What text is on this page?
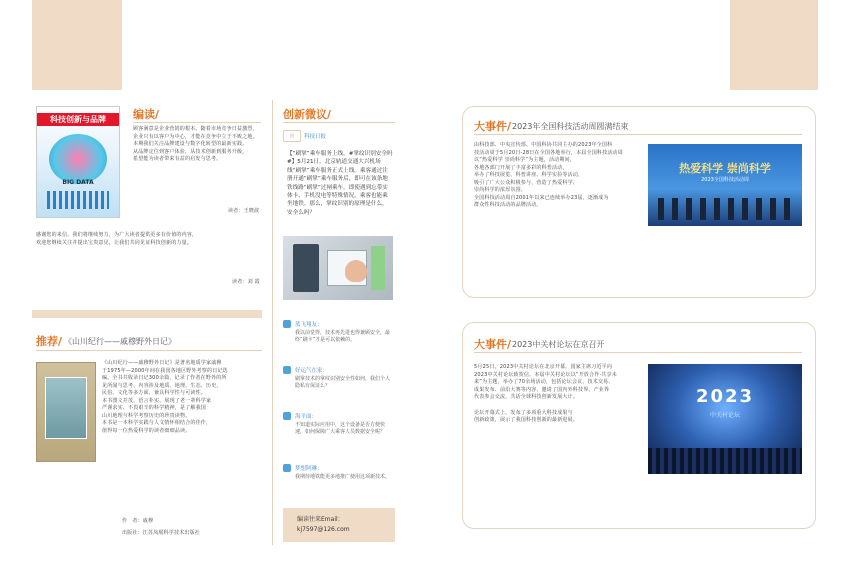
科技创新与品牌
BIG DATA
编读/
顾客满意是企业营销的根本。随着市场竞争日益激烈，
企业只有以客户为中心，才能在竞争中立于不败之地。
本期我们关注品牌建设与数字化转型的最新实践。
从品牌定位到客户体验，从技术创新到服务升级，
希望能为读者带来有益的启发与思考。
读者：王晓波
感谢您的来信。我们将继续努力，为广大读者提供更多有价值的内容，
欢迎您继续关注并提出宝贵意见，让我们共同见证科技创新的力量。
读者：刘 霞
推荐/ 《山川纪行——戚穆野外日记》
《山川纪行——戚穆野外日记》是著名地质学家戚穆
于1975年—2000年间在我国各地区野外考察的日记选
编。全书共收录日记300余篇，记录了作者在野外的所
见所闻与思考，内容涉及地质、地理、生态、历史、
民俗、文化等多方面，兼具科学性与可读性。
本书图文并茂，语言朴实，展现了老一辈科学家
严谨求实、不畏艰辛的科学精神，是了解我国
山川地理与科学考察历史的珍贵读物。
本书是一本科学实践与人文情怀相结合的佳作，
值得每一位热爱科学的读者细细品读。
作　者：戚穆
出版社：江苏凤凰科学技术出版社
创新微议/
日	科技日报
【“刷掌”乘车服务上线，#掌纹识别安全吗#】5月21日，北京轨道交通大兴机场线“刷掌”乘车服务正式上线。乘客通过注册开通“刷掌”乘车服务后，即可在该条地铁线路“刷掌”过闸乘车。即使遇到忘带实体卡、手机没电等特殊情况，乘客也能乘坐地铁。那么，掌纹识别的原理是什么，安全么吗？
蓝飞翔友：
我以前觉得，技术再先进也得兼顾安全，最终“刷卡”才是可以依赖的。
好运气在家：
刷掌技术的掌纹识别安全性如何，我们个人隐私有保证么？
海平面：
不知道实际应用中，这个设备是否方便快速，如何保障广大乘客人员数据安全呢？
梦想阿琳：
我期待地铁能更多地推广使用这项新技术。
编读往来Email：
kj7597@126.com
大事件/ 2023年全国科技活动周圆满结束
由科技部、中央宣传部、中国科协共同主办的2023年全国科
技活动周于5月20日-28日在全国各地举行，本届全国科技活动周
以“热爱科学 崇尚科学”为主题，活动期间，
各地各部门开展了丰富多彩的科普活动，
举办了科技展览、科普讲座、科学实验等活动，
吸引了广大公众积极参与，营造了热爱科学、
崇尚科学的浓厚氛围。
全国科技活动周自2001年以来已连续举办23届，逐渐成为
群众性科技活动的品牌活动。
热爱科学 崇尚科学
2023全国科技活动周
大事件/ 2023中关村论坛在京召开
5月25日，2023中关村论坛在北京开幕。国家主席习近平向
2023中关村论坛致贺信。本届中关村论坛以“开放合作·共享未
来”为主题，举办了70余场活动，包括论坛会议、技术交易、
成果发布、前沿大赛等内容，邀请了国内外科技界、产业界
代表参会交流，共话全球科技创新发展大计。
论坛开幕式上，发布了多项重大科技成果与
创新政策，展示了我国科技创新的最新进展。
2023
中关村论坛
